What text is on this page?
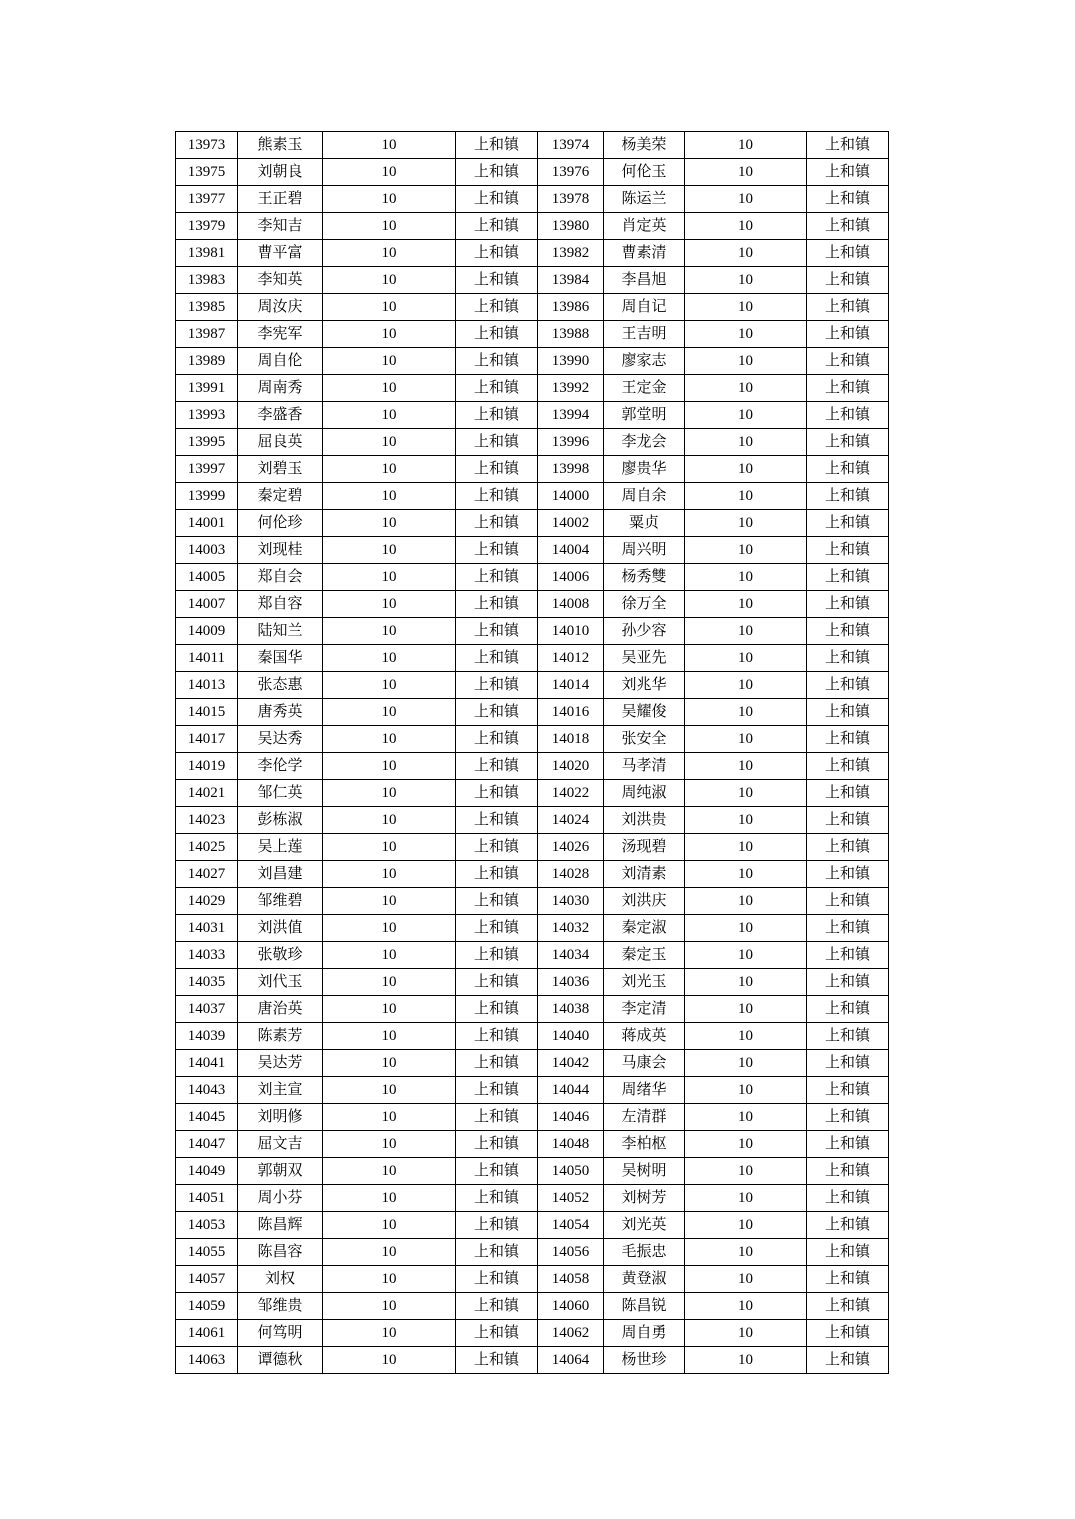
13973	熊素玉	10	上和镇	13974	杨美荣	10	上和镇
13975	刘朝良	10	上和镇	13976	何伦玉	10	上和镇
13977	王正碧	10	上和镇	13978	陈运兰	10	上和镇
13979	李知吉	10	上和镇	13980	肖定英	10	上和镇
13981	曹平富	10	上和镇	13982	曹素清	10	上和镇
13983	李知英	10	上和镇	13984	李昌旭	10	上和镇
13985	周汝庆	10	上和镇	13986	周自记	10	上和镇
13987	李宪军	10	上和镇	13988	王吉明	10	上和镇
13989	周自伦	10	上和镇	13990	廖家志	10	上和镇
13991	周南秀	10	上和镇	13992	王定金	10	上和镇
13993	李盛香	10	上和镇	13994	郭堂明	10	上和镇
13995	屈良英	10	上和镇	13996	李龙会	10	上和镇
13997	刘碧玉	10	上和镇	13998	廖贵华	10	上和镇
13999	秦定碧	10	上和镇	14000	周自余	10	上和镇
14001	何伦珍	10	上和镇	14002	粟贞	10	上和镇
14003	刘现桂	10	上和镇	14004	周兴明	10	上和镇
14005	郑自会	10	上和镇	14006	杨秀雙	10	上和镇
14007	郑自容	10	上和镇	14008	徐万全	10	上和镇
14009	陆知兰	10	上和镇	14010	孙少容	10	上和镇
14011	秦国华	10	上和镇	14012	吴亚先	10	上和镇
14013	张态惠	10	上和镇	14014	刘兆华	10	上和镇
14015	唐秀英	10	上和镇	14016	吴耀俊	10	上和镇
14017	吴达秀	10	上和镇	14018	张安全	10	上和镇
14019	李伦学	10	上和镇	14020	马孝清	10	上和镇
14021	邹仁英	10	上和镇	14022	周纯淑	10	上和镇
14023	彭栋淑	10	上和镇	14024	刘洪贵	10	上和镇
14025	吴上莲	10	上和镇	14026	汤现碧	10	上和镇
14027	刘昌建	10	上和镇	14028	刘清素	10	上和镇
14029	邹维碧	10	上和镇	14030	刘洪庆	10	上和镇
14031	刘洪值	10	上和镇	14032	秦定淑	10	上和镇
14033	张敬珍	10	上和镇	14034	秦定玉	10	上和镇
14035	刘代玉	10	上和镇	14036	刘光玉	10	上和镇
14037	唐治英	10	上和镇	14038	李定清	10	上和镇
14039	陈素芳	10	上和镇	14040	蒋成英	10	上和镇
14041	吴达芳	10	上和镇	14042	马康会	10	上和镇
14043	刘主宣	10	上和镇	14044	周绪华	10	上和镇
14045	刘明修	10	上和镇	14046	左清群	10	上和镇
14047	屈文吉	10	上和镇	14048	李柏枢	10	上和镇
14049	郭朝双	10	上和镇	14050	吴树明	10	上和镇
14051	周小芬	10	上和镇	14052	刘树芳	10	上和镇
14053	陈昌辉	10	上和镇	14054	刘光英	10	上和镇
14055	陈昌容	10	上和镇	14056	毛振忠	10	上和镇
14057	刘权	10	上和镇	14058	黄登淑	10	上和镇
14059	邹维贵	10	上和镇	14060	陈昌锐	10	上和镇
14061	何笃明	10	上和镇	14062	周自勇	10	上和镇
14063	谭德秋	10	上和镇	14064	杨世珍	10	上和镇
